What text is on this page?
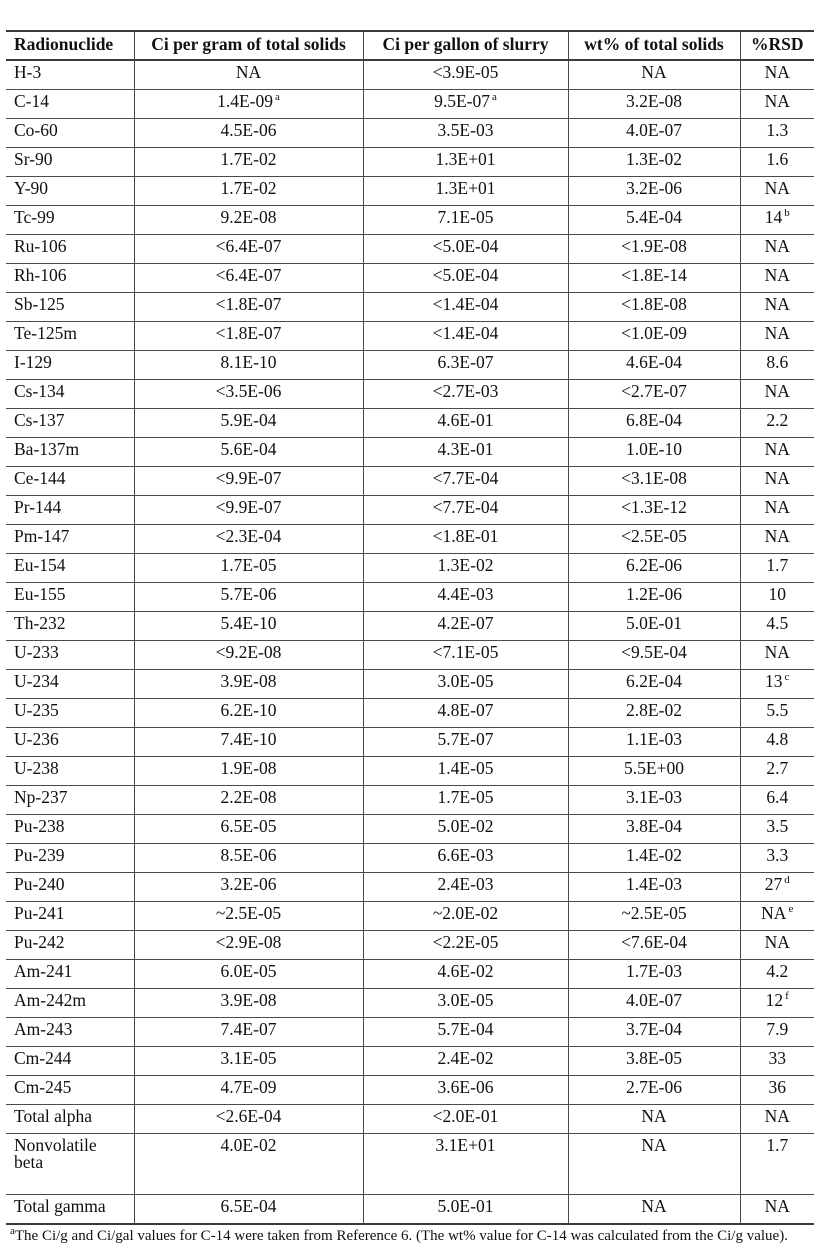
Radionuclide	Ci per gram of total solids	Ci per gallon of slurry	wt% of total solids	%RSD
H-3	NA	<3.9E-05	NA	NA
C-14	1.4E-09 $^a$	9.5E-07 $^a$	3.2E-08	NA
Co-60	4.5E-06	3.5E-03	4.0E-07	1.3
Sr-90	1.7E-02	1.3E+01	1.3E-02	1.6
Y-90	1.7E-02	1.3E+01	3.2E-06	NA
Tc-99	9.2E-08	7.1E-05	5.4E-04	14 $^b$
Ru-106	<6.4E-07	<5.0E-04	<1.9E-08	NA
Rh-106	<6.4E-07	<5.0E-04	<1.8E-14	NA
Sb-125	<1.8E-07	<1.4E-04	<1.8E-08	NA
Te-125m	<1.8E-07	<1.4E-04	<1.0E-09	NA
I-129	8.1E-10	6.3E-07	4.6E-04	8.6
Cs-134	<3.5E-06	<2.7E-03	<2.7E-07	NA
Cs-137	5.9E-04	4.6E-01	6.8E-04	2.2
Ba-137m	5.6E-04	4.3E-01	1.0E-10	NA
Ce-144	<9.9E-07	<7.7E-04	<3.1E-08	NA
Pr-144	<9.9E-07	<7.7E-04	<1.3E-12	NA
Pm-147	<2.3E-04	<1.8E-01	<2.5E-05	NA
Eu-154	1.7E-05	1.3E-02	6.2E-06	1.7
Eu-155	5.7E-06	4.4E-03	1.2E-06	10
Th-232	5.4E-10	4.2E-07	5.0E-01	4.5
U-233	<9.2E-08	<7.1E-05	<9.5E-04	NA
U-234	3.9E-08	3.0E-05	6.2E-04	13 $^c$
U-235	6.2E-10	4.8E-07	2.8E-02	5.5
U-236	7.4E-10	5.7E-07	1.1E-03	4.8
U-238	1.9E-08	1.4E-05	5.5E+00	2.7
Np-237	2.2E-08	1.7E-05	3.1E-03	6.4
Pu-238	6.5E-05	5.0E-02	3.8E-04	3.5
Pu-239	8.5E-06	6.6E-03	1.4E-02	3.3
Pu-240	3.2E-06	2.4E-03	1.4E-03	27 $^d$
Pu-241	~2.5E-05	~2.0E-02	~2.5E-05	NA $^e$
Pu-242	<2.9E-08	<2.2E-05	<7.6E-04	NA
Am-241	6.0E-05	4.6E-02	1.7E-03	4.2
Am-242m	3.9E-08	3.0E-05	4.0E-07	12 $^f$
Am-243	7.4E-07	5.7E-04	3.7E-04	7.9
Cm-244	3.1E-05	2.4E-02	3.8E-05	33
Cm-245	4.7E-09	3.6E-06	2.7E-06	36
Total alpha	<2.6E-04	<2.0E-01	NA	NA
Nonvolatile beta	4.0E-02	3.1E+01	NA	1.7
Total gamma	6.5E-04	5.0E-01	NA	NA
$^a$The Ci/g and Ci/gal values for C-14 were taken from Reference 6. (The wt% value for C-14 was calculated from the Ci/g value).
